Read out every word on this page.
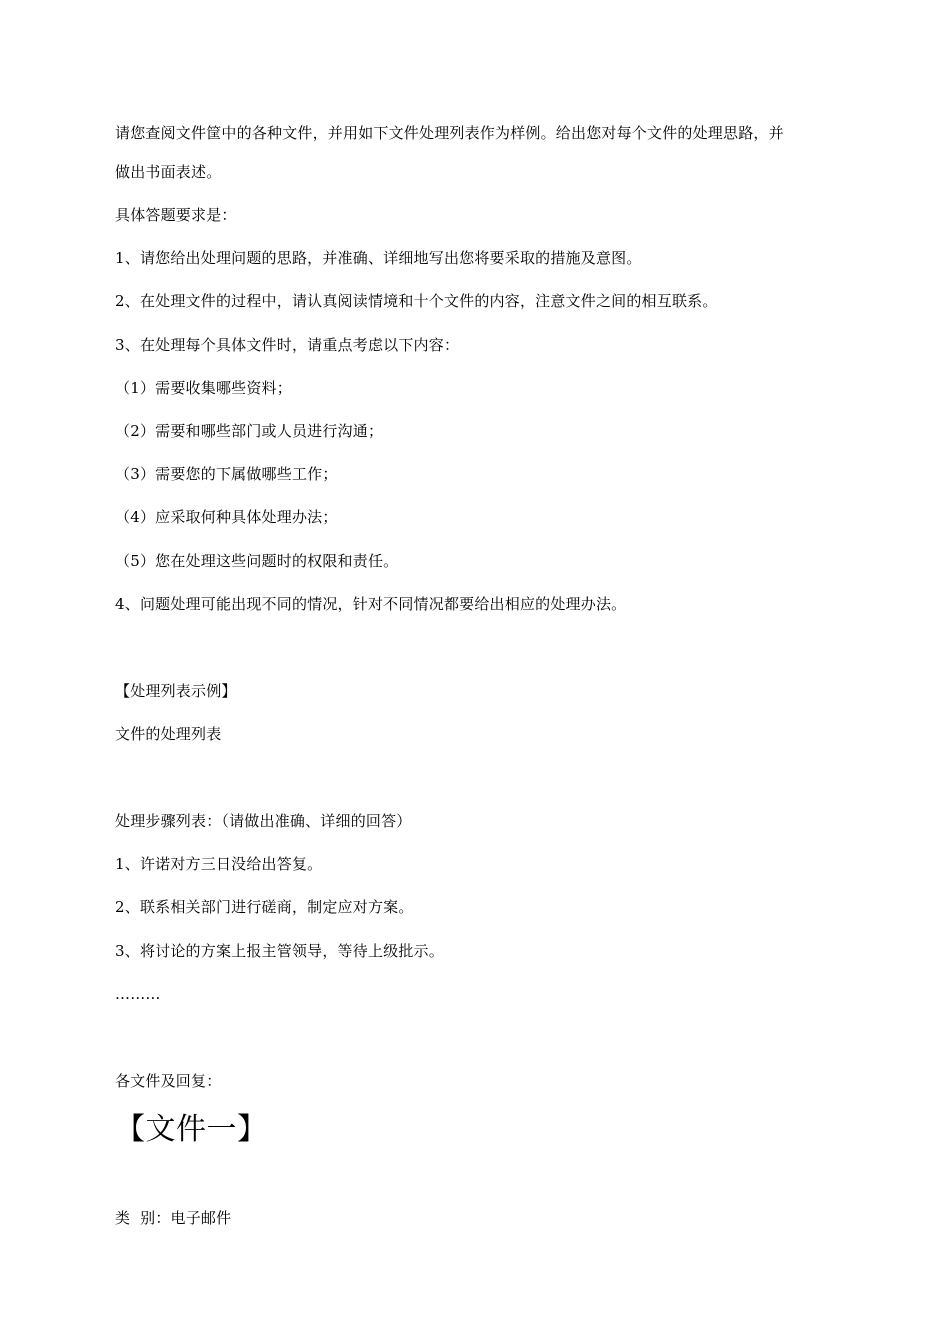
请您查阅文件筐中的各种文件，并用如下文件处理列表作为样例。给出您对每个文件的处理思路，并
做出书面表述。
具体答题要求是：
1、请您给出处理问题的思路，并准确、详细地写出您将要采取的措施及意图。
2、在处理文件的过程中，请认真阅读情境和十个文件的内容，注意文件之间的相互联系。
3、在处理每个具体文件时，请重点考虑以下内容：
（1）需要收集哪些资料；
（2）需要和哪些部门或人员进行沟通；
（3）需要您的下属做哪些工作；
（4）应采取何种具体处理办法；
（5）您在处理这些问题时的权限和责任。
4、问题处理可能出现不同的情况，针对不同情况都要给出相应的处理办法。
【处理列表示例】
文件的处理列表
处理步骤列表：（请做出准确、详细的回答）
1、许诺对方三日没给出答复。
2、联系相关部门进行磋商，制定应对方案。
3、将讨论的方案上报主管领导，等待上级批示。
………
各文件及回复：
【文件一】
类  别：电子邮件
